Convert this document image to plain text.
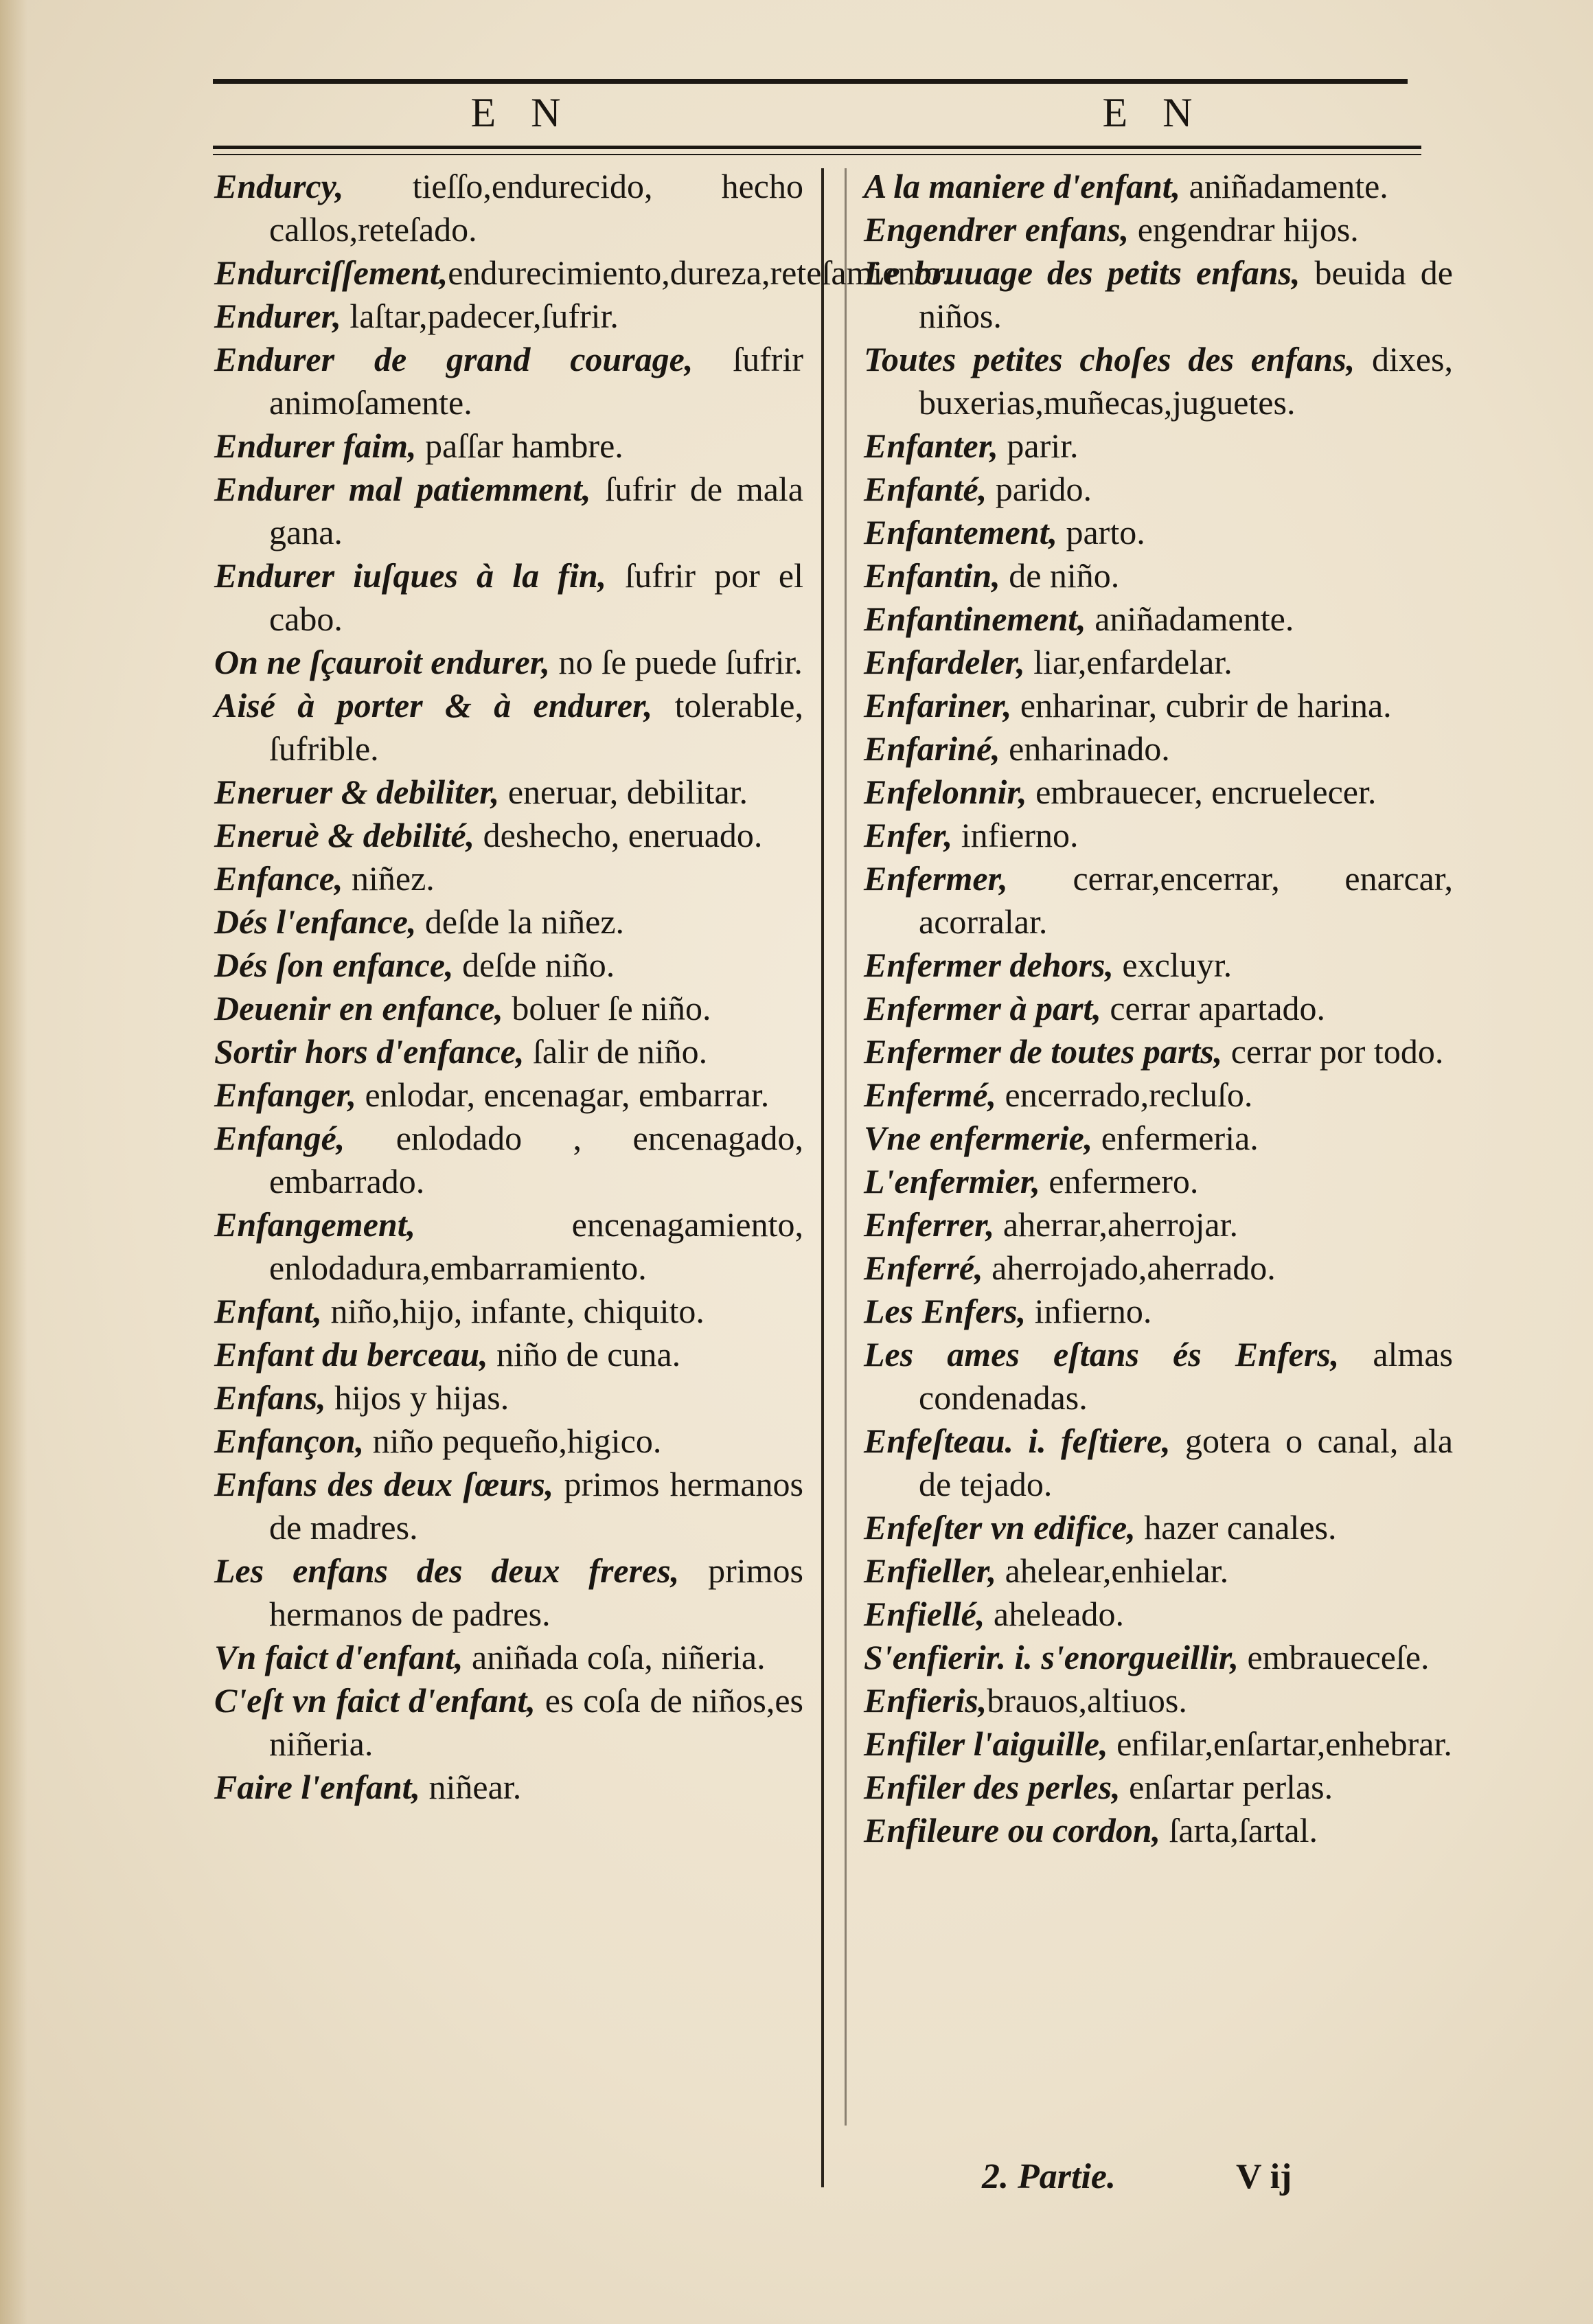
E N	E N
Endurcy, tieſſo,endurecido, hecho callos,reteſado.
Endurciſſement,endurecimiento,dureza,reteſamiento.
Endurer, laſtar,padecer,ſufrir.
Endurer de grand courage, ſufrir animoſamente.
Endurer faim, paſſar hambre.
Endurer mal patiemment, ſufrir de mala gana.
Endurer iuſques à la fin, ſufrir por el cabo.
On ne ſçauroit endurer, no ſe puede ſufrir.
Aisé à porter & à endurer, tolerable, ſufrible.
Eneruer & debiliter, eneruar, debilitar.
Eneruè & debilité, deshecho, eneruado.
Enfance, niñez.
Dés l'enfance, deſde la niñez.
Dés ſon enfance, deſde niño.
Deuenir en enfance, boluer ſe niño.
Sortir hors d'enfance, ſalir de niño.
Enfanger, enlodar, encenagar, embarrar.
Enfangé, enlodado , encenagado, embarrado.
Enfangement, encenagamiento, enlodadura,embarramiento.
Enfant, niño,hijo, infante, chiquito.
Enfant du berceau, niño de cuna.
Enfans, hijos y hijas.
Enfançon, niño pequeño,higico.
Enfans des deux ſœurs, primos hermanos de madres.
Les enfans des deux freres, primos hermanos de padres.
Vn faict d'enfant, aniñada coſa, niñeria.
C'eſt vn faict d'enfant, es coſa de niños,es niñeria.
Faire l'enfant, niñear.
A la maniere d'enfant, aniñadamente.
Engendrer enfans, engendrar hijos.
Le bruuage des petits enfans, beuida de niños.
Toutes petites choſes des enfans, dixes, buxerias,muñecas,juguetes.
Enfanter, parir.
Enfanté, parido.
Enfantement, parto.
Enfantin, de niño.
Enfantinement, aniñadamente.
Enfardeler, liar,enfardelar.
Enfariner, enharinar, cubrir de harina.
Enfariné, enharinado.
Enfelonnir, embrauecer, encruelecer.
Enfer, infierno.
Enfermer, cerrar,encerrar, enarcar, acorralar.
Enfermer dehors, excluyr.
Enfermer à part, cerrar apartado.
Enfermer de toutes parts, cerrar por todo.
Enfermé, encerrado,recluſo.
Vne enfermerie, enfermeria.
L'enfermier, enfermero.
Enferrer, aherrar,aherrojar.
Enferré, aherrojado,aherrado.
Les Enfers, infierno.
Les ames eſtans és Enfers, almas condenadas.
Enfeſteau. i. feſtiere, gotera o canal, ala de tejado.
Enfeſter vn edifice, hazer canales.
Enfieller, ahelear,enhielar.
Enfiellé, aheleado.
S'enfierir. i. s'enorgueillir, embraueceſe.
Enfieris,brauos,altiuos.
Enfiler l'aiguille, enfilar,enſartar,enhebrar.
Enfiler des perles, enſartar perlas.
Enfileure ou cordon, ſarta,ſartal.
2. Partie.	V ij
